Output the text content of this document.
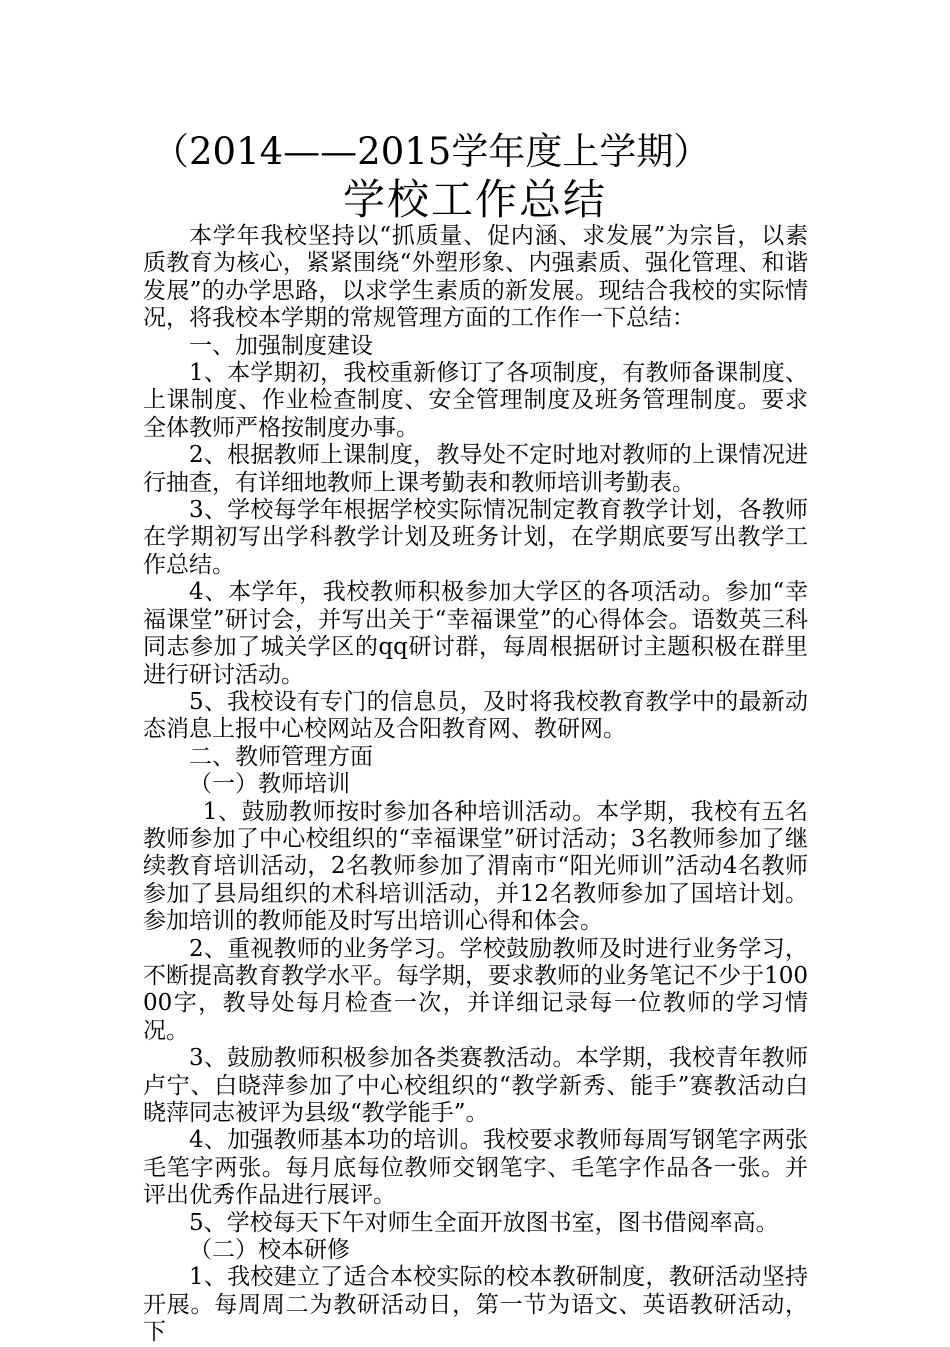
（2014——2015学年度上学期）
学校工作总结

本学年我校坚持以“抓质量、促内涵、求发展”为宗旨，以素质教育为核心，紧紧围绕“外塑形象、内强素质、强化管理、和谐发展”的办学思路，以求学生素质的新发展。现结合我校的实际情况，将我校本学期的常规管理方面的工作作一下总结：

一、加强制度建设

1、本学期初，我校重新修订了各项制度，有教师备课制度、上课制度、作业检查制度、安全管理制度及班务管理制度。要求全体教师严格按制度办事。

2、根据教师上课制度，教导处不定时地对教师的上课情况进行抽查，有详细地教师上课考勤表和教师培训考勤表。

3、学校每学年根据学校实际情况制定教育教学计划，各教师在学期初写出学科教学计划及班务计划，在学期底要写出教学工作总结。

4、本学年，我校教师积极参加大学区的各项活动。参加“幸福课堂”研讨会，并写出关于“幸福课堂”的心得体会。语数英三科同志参加了城关学区的qq研讨群，每周根据研讨主题积极在群里进行研讨活动。

5、我校设有专门的信息员，及时将我校教育教学中的最新动态消息上报中心校网站及合阳教育网、教研网。

二、教师管理方面

（一）教师培训

1、鼓励教师按时参加各种培训活动。本学期，我校有五名教师参加了中心校组织的“幸福课堂”研讨活动；3名教师参加了继续教育培训活动，2名教师参加了渭南市“阳光师训”活动4名教师参加了县局组织的术科培训活动，并12名教师参加了国培计划。参加培训的教师能及时写出培训心得和体会。

2、重视教师的业务学习。学校鼓励教师及时进行业务学习，不断提高教育教学水平。每学期，要求教师的业务笔记不少于10000字，教导处每月检查一次，并详细记录每一位教师的学习情况。

3、鼓励教师积极参加各类赛教活动。本学期，我校青年教师卢宁、白晓萍参加了中心校组织的“教学新秀、能手”赛教活动白晓萍同志被评为县级“教学能手”。

4、加强教师基本功的培训。我校要求教师每周写钢笔字两张毛笔字两张。每月底每位教师交钢笔字、毛笔字作品各一张。并评出优秀作品进行展评。

5、学校每天下午对师生全面开放图书室，图书借阅率高。

（二）校本研修

1、我校建立了适合本校实际的校本教研制度，教研活动坚持开展。每周周二为教研活动日，第一节为语文、英语教研活动，下
